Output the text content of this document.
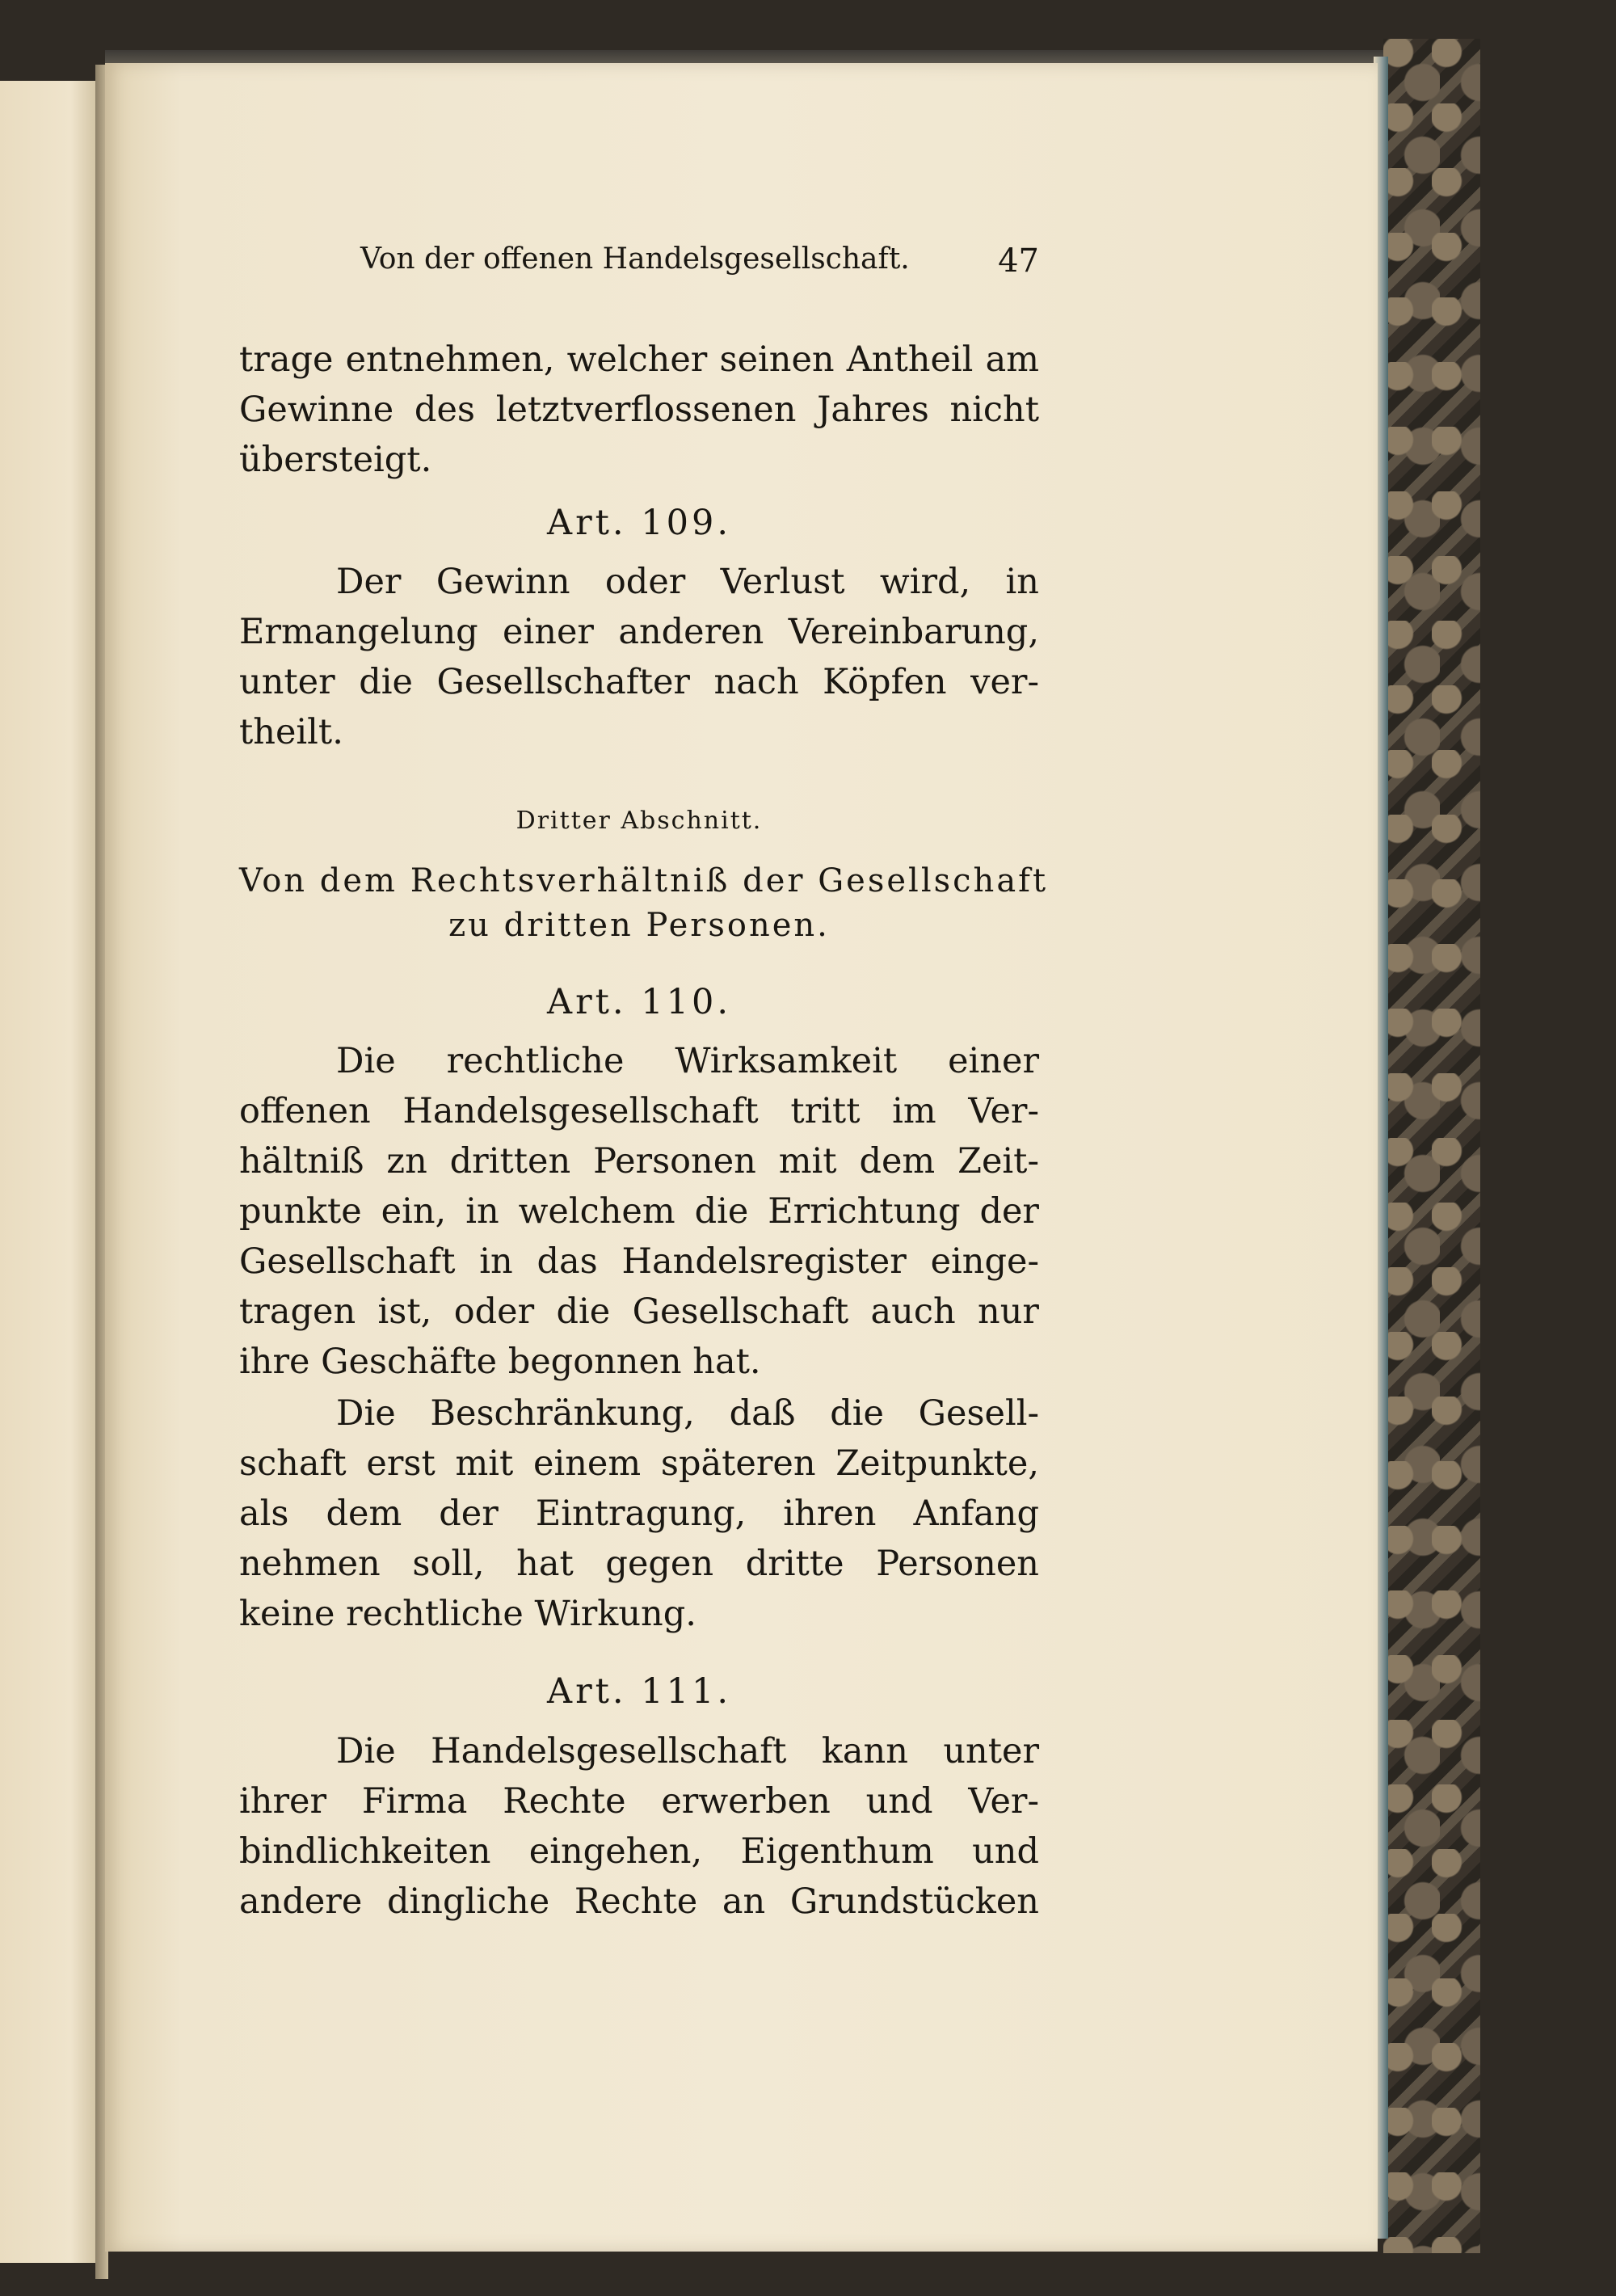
Von der offenen Handelsgesellschaft.	47
trage entnehmen, welcher seinen Antheil am
Gewinne des letztverflossenen Jahres nicht
übersteigt.
Art. 109.
Der Gewinn oder Verlust wird, in
Ermangelung einer anderen Vereinbarung,
unter die Gesellschafter nach Köpfen ver-
theilt.
Dritter Abschnitt.
Von dem Rechtsverhältniß der Gesellschaft
zu dritten Personen.
Art. 110.
Die rechtliche Wirksamkeit einer
offenen Handelsgesellschaft tritt im Ver-
hältniß zn dritten Personen mit dem Zeit-
punkte ein, in welchem die Errichtung der
Gesellschaft in das Handelsregister einge-
tragen ist, oder die Gesellschaft auch nur
ihre Geschäfte begonnen hat.
Die Beschränkung, daß die Gesell-
schaft erst mit einem späteren Zeitpunkte,
als dem der Eintragung, ihren Anfang
nehmen soll, hat gegen dritte Personen
keine rechtliche Wirkung.
Art. 111.
Die Handelsgesellschaft kann unter
ihrer Firma Rechte erwerben und Ver-
bindlichkeiten eingehen, Eigenthum und
andere dingliche Rechte an Grundstücken
